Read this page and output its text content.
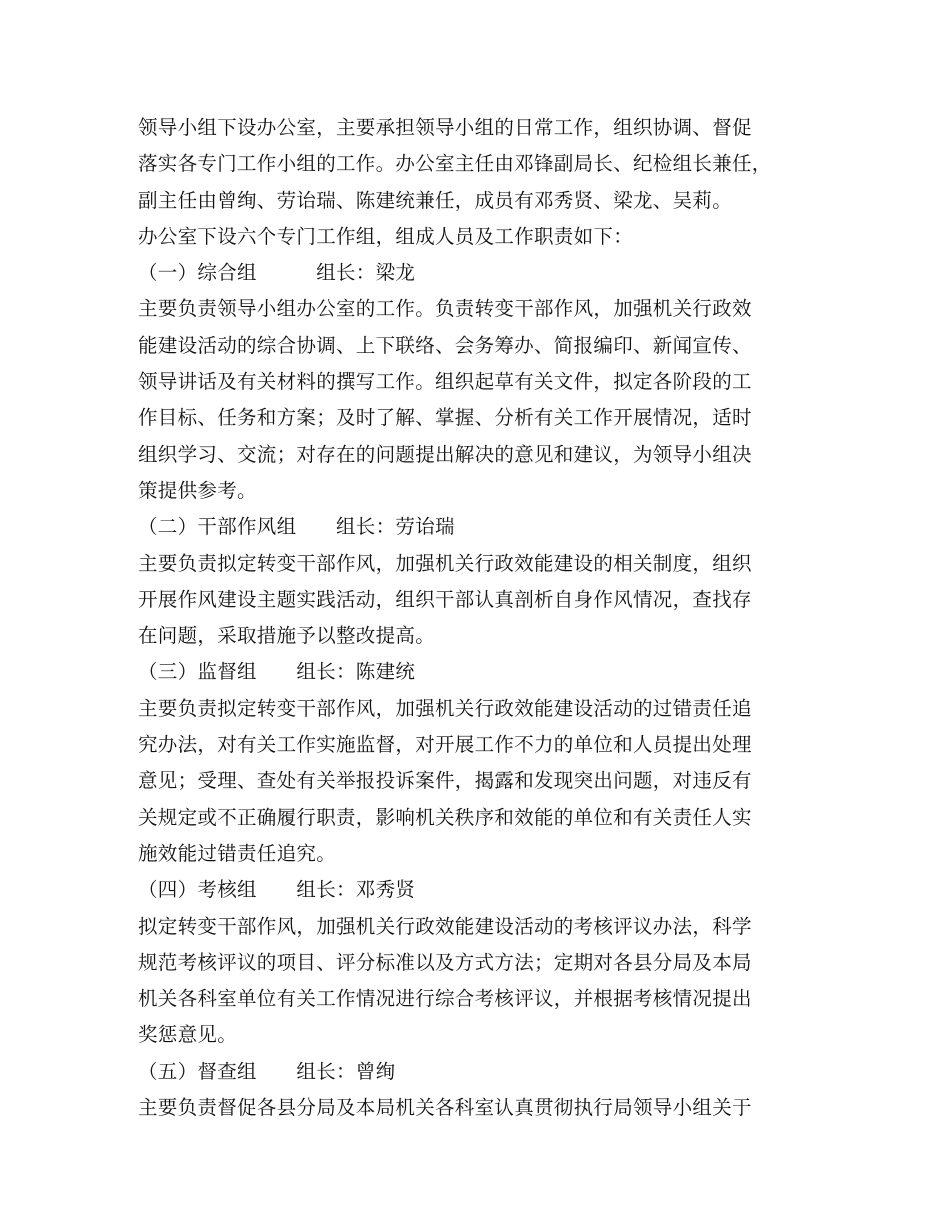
领导小组下设办公室，主要承担领导小组的日常工作，组织协调、督促
落实各专门工作小组的工作。办公室主任由邓锋副局长、纪检组长兼任，
副主任由曾绚、劳诒瑞、陈建统兼任，成员有邓秀贤、梁龙、吴莉。
办公室下设六个专门工作组，组成人员及工作职责如下：
（一）综合组　　　组长：梁龙
主要负责领导小组办公室的工作。负责转变干部作风，加强机关行政效
能建设活动的综合协调、上下联络、会务筹办、简报编印、新闻宣传、
领导讲话及有关材料的撰写工作。组织起草有关文件，拟定各阶段的工
作目标、任务和方案；及时了解、掌握、分析有关工作开展情况，适时
组织学习、交流；对存在的问题提出解决的意见和建议，为领导小组决
策提供参考。
（二）干部作风组　　组长：劳诒瑞
主要负责拟定转变干部作风，加强机关行政效能建设的相关制度，组织
开展作风建设主题实践活动，组织干部认真剖析自身作风情况，查找存
在问题，采取措施予以整改提高。
（三）监督组　　组长：陈建统
主要负责拟定转变干部作风，加强机关行政效能建设活动的过错责任追
究办法，对有关工作实施监督，对开展工作不力的单位和人员提出处理
意见；受理、查处有关举报投诉案件，揭露和发现突出问题，对违反有
关规定或不正确履行职责，影响机关秩序和效能的单位和有关责任人实
施效能过错责任追究。
（四）考核组　　组长：邓秀贤
拟定转变干部作风，加强机关行政效能建设活动的考核评议办法，科学
规范考核评议的项目、评分标准以及方式方法；定期对各县分局及本局
机关各科室单位有关工作情况进行综合考核评议，并根据考核情况提出
奖惩意见。
（五）督查组　　组长：曾绚
主要负责督促各县分局及本局机关各科室认真贯彻执行局领导小组关于
